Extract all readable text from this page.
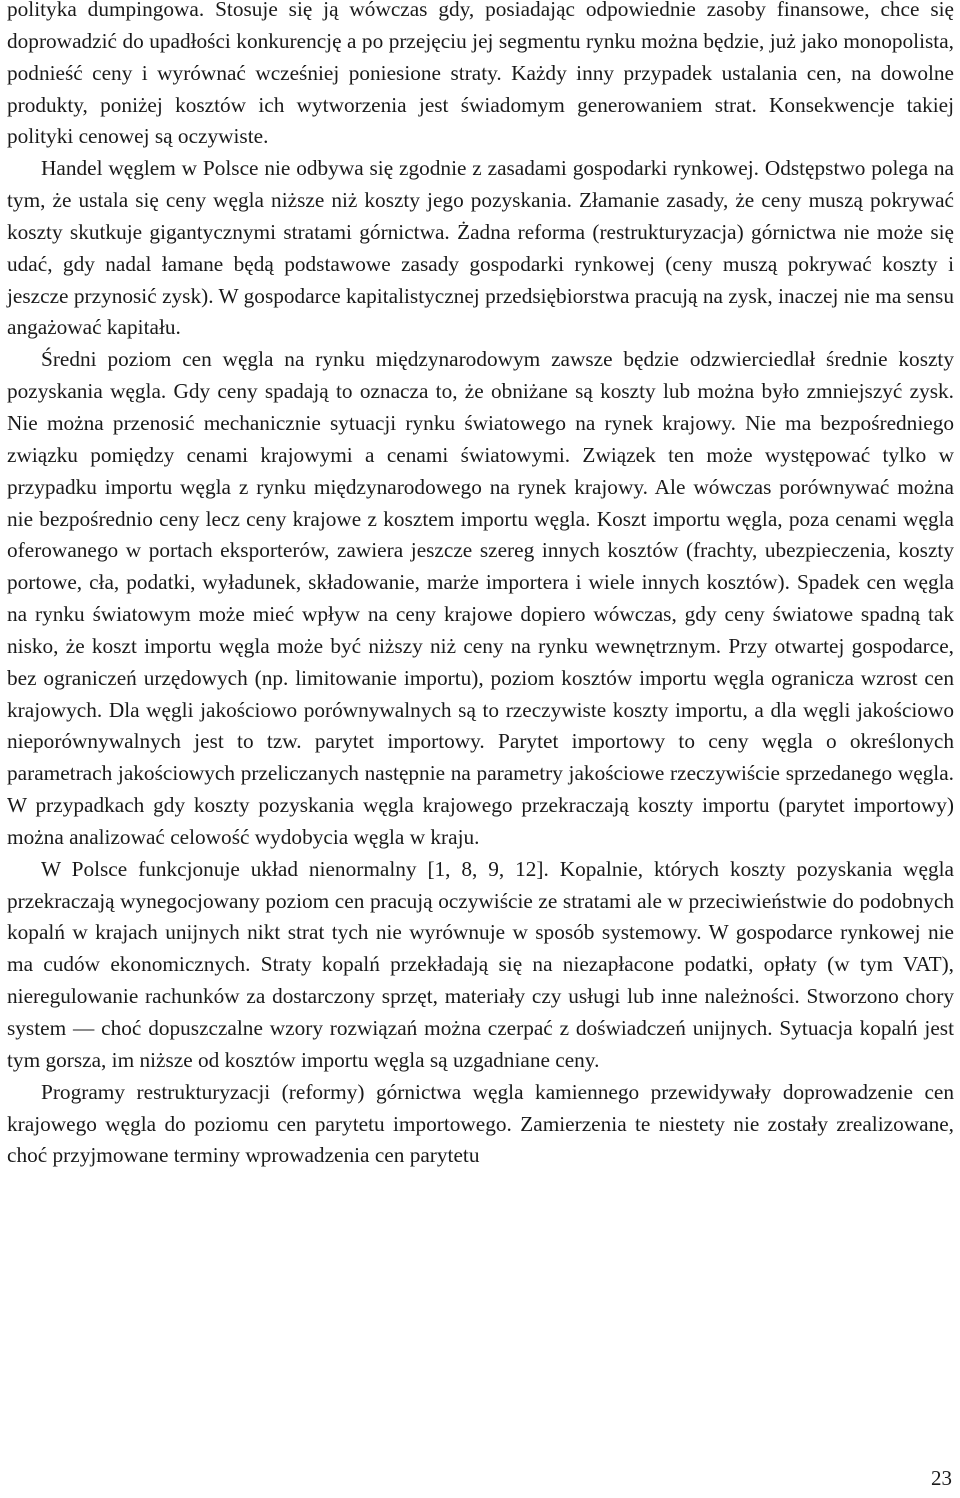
polityka dumpingowa. Stosuje się ją wówczas gdy, posiadając odpowiednie zasoby finansowe, chce się doprowadzić do upadłości konkurencję a po przejęciu jej segmentu rynku można będzie, już jako monopolista, podnieść ceny i wyrównać wcześniej poniesione straty. Każdy inny przypadek ustalania cen, na dowolne produkty, poniżej kosztów ich wytworzenia jest świadomym generowaniem strat. Konsekwencje takiej polityki cenowej są oczywiste.

Handel węglem w Polsce nie odbywa się zgodnie z zasadami gospodarki rynkowej. Odstępstwo polega na tym, że ustala się ceny węgla niższe niż koszty jego pozyskania. Złamanie zasady, że ceny muszą pokrywać koszty skutkuje gigantycznymi stratami górnictwa. Żadna reforma (restrukturyzacja) górnictwa nie może się udać, gdy nadal łamane będą podstawowe zasady gospodarki rynkowej (ceny muszą pokrywać koszty i jeszcze przynosić zysk). W gospodarce kapitalistycznej przedsiębiorstwa pracują na zysk, inaczej nie ma sensu angażować kapitału.

Średni poziom cen węgla na rynku międzynarodowym zawsze będzie odzwierciedlał średnie koszty pozyskania węgla. Gdy ceny spadają to oznacza to, że obniżane są koszty lub można było zmniejszyć zysk. Nie można przenosić mechanicznie sytuacji rynku światowego na rynek krajowy. Nie ma bezpośredniego związku pomiędzy cenami krajowymi a cenami światowymi. Związek ten może występować tylko w przypadku importu węgla z rynku międzynarodowego na rynek krajowy. Ale wówczas porównywać można nie bezpośrednio ceny lecz ceny krajowe z kosztem importu węgla. Koszt importu węgla, poza cenami węgla oferowanego w portach eksporterów, zawiera jeszcze szereg innych kosztów (frachty, ubezpieczenia, koszty portowe, cła, podatki, wyładunek, składowanie, marże importera i wiele innych kosztów). Spadek cen węgla na rynku światowym może mieć wpływ na ceny krajowe dopiero wówczas, gdy ceny światowe spadną tak nisko, że koszt importu węgla może być niższy niż ceny na rynku wewnętrznym. Przy otwartej gospodarce, bez ograniczeń urzędowych (np. limitowanie importu), poziom kosztów importu węgla ogranicza wzrost cen krajowych. Dla węgli jakościowo porównywalnych są to rzeczywiste koszty importu, a dla węgli jakościowo nieporównywalnych jest to tzw. parytet importowy. Parytet importowy to ceny węgla o określonych parametrach jakościowych przeliczanych następnie na parametry jakościowe rzeczywiście sprzedanego węgla. W przypadkach gdy koszty pozyskania węgla krajowego przekraczają koszty importu (parytet importowy) można analizować celowość wydobycia węgla w kraju.

W Polsce funkcjonuje układ nienormalny [1, 8, 9, 12]. Kopalnie, których koszty pozyskania węgla przekraczają wynegocjowany poziom cen pracują oczywiście ze stratami ale w przeciwieństwie do podobnych kopalń w krajach unijnych nikt strat tych nie wyrównuje w sposób systemowy. W gospodarce rynkowej nie ma cudów ekonomicznych. Straty kopalń przekładają się na niezapłacone podatki, opłaty (w tym VAT), nieregulowanie rachunków za dostarczony sprzęt, materiały czy usługi lub inne należności. Stworzono chory system — choć dopuszczalne wzory rozwiązań można czerpać z doświadczeń unijnych. Sytuacja kopalń jest tym gorsza, im niższe od kosztów importu węgla są uzgadniane ceny.

Programy restrukturyzacji (reformy) górnictwa węgla kamiennego przewidywały doprowadzenie cen krajowego węgla do poziomu cen parytetu importowego. Zamierzenia te niestety nie zostały zrealizowane, choć przyjmowane terminy wprowadzenia cen parytetu

23
